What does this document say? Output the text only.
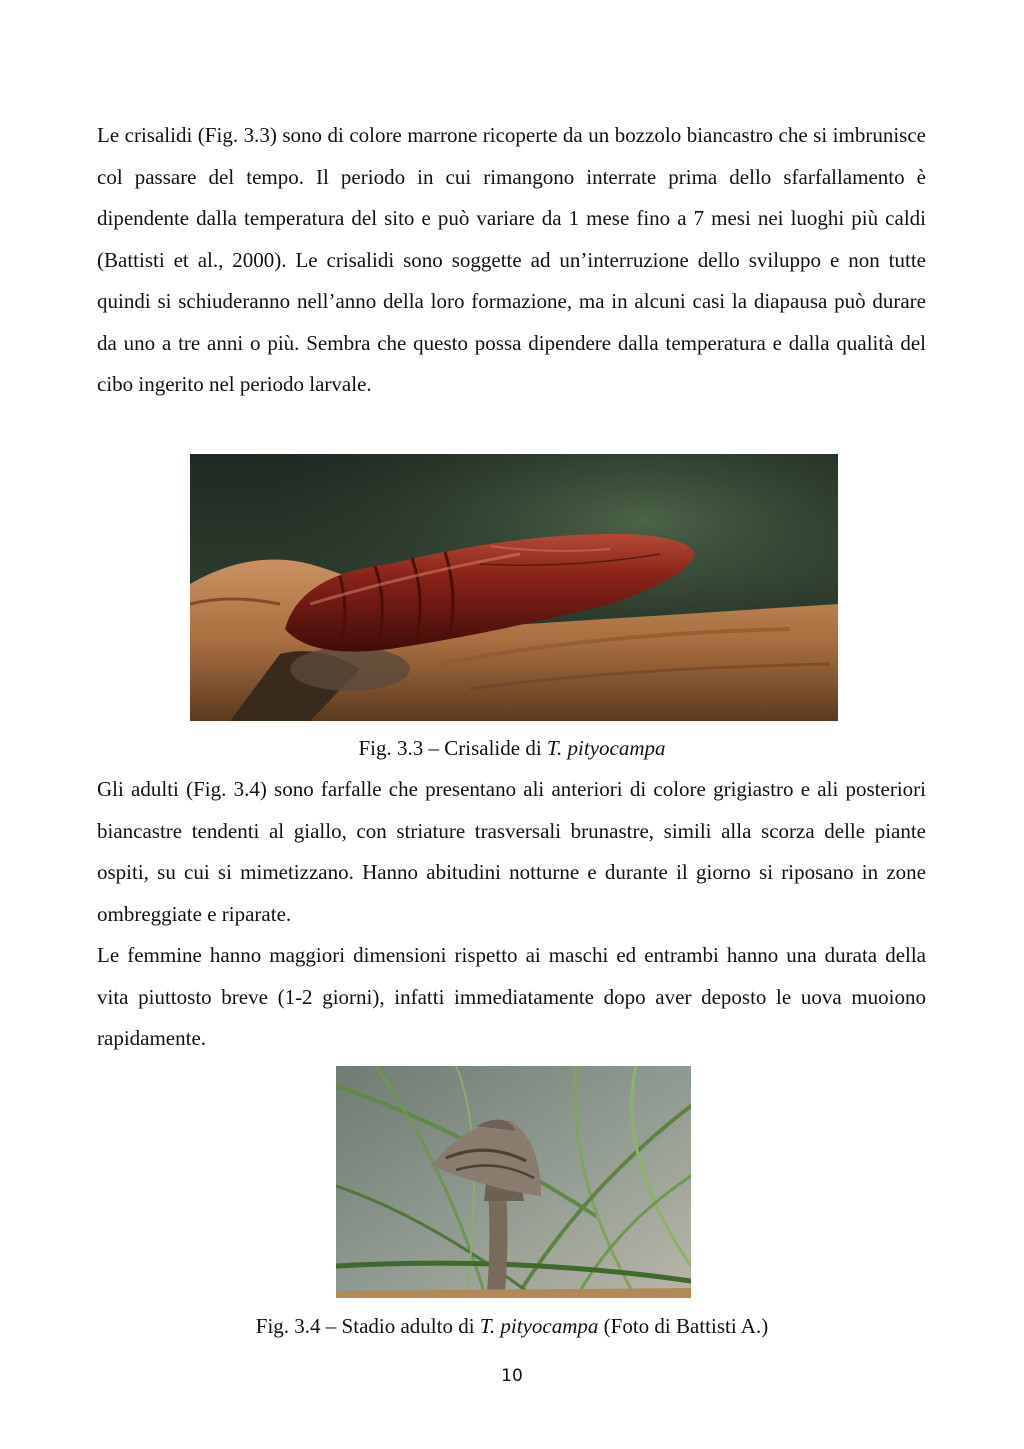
Le crisalidi (Fig. 3.3) sono di colore marrone ricoperte da un bozzolo biancastro che si imbrunisce col passare del tempo. Il periodo in cui rimangono interrate prima dello sfarfallamento è dipendente dalla temperatura del sito e può variare da 1 mese fino a 7 mesi nei luoghi più caldi (Battisti et al., 2000). Le crisalidi sono soggette ad un’interruzione dello sviluppo e non tutte quindi si schiuderanno nell’anno della loro formazione, ma in alcuni casi la diapausa può durare da uno a tre anni o più. Sembra che questo possa dipendere dalla temperatura e dalla qualità del cibo ingerito nel periodo larvale.

Fig. 3.3 – Crisalide di T. pityocampa

Gli adulti (Fig. 3.4) sono farfalle che presentano ali anteriori di colore grigiastro e ali posteriori biancastre tendenti al giallo, con striature trasversali brunastre, simili alla scorza delle piante ospiti, su cui si mimetizzano. Hanno abitudini notturne e durante il giorno si riposano in zone ombreggiate e riparate.

Le femmine hanno maggiori dimensioni rispetto ai maschi ed entrambi hanno una durata della vita piuttosto breve (1-2 giorni), infatti immediatamente dopo aver deposto le uova muoiono rapidamente.

Fig. 3.4 – Stadio adulto di T. pityocampa (Foto di Battisti A.)

10
